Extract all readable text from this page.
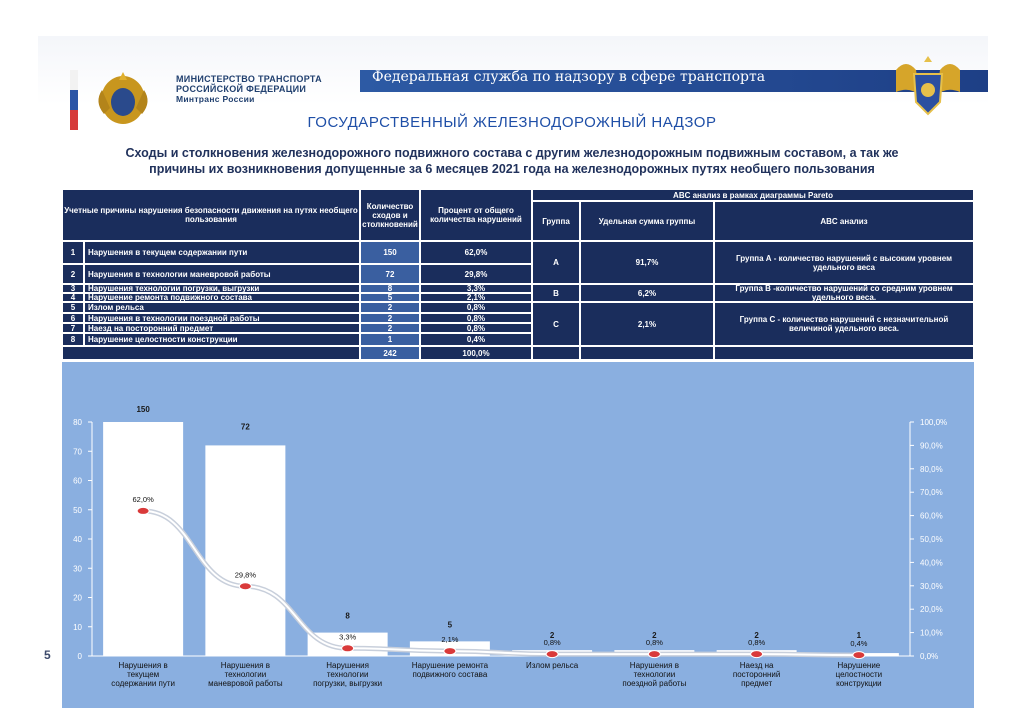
МИНИСТЕРСТВО ТРАНСПОРТА
РОССИЙСКОЙ ФЕДЕРАЦИИ
Минтранс России
Федеральная служба по надзору в сфере транспорта
ГОСУДАРСТВЕННЫЙ ЖЕЛЕЗНОДОРОЖНЫЙ НАДЗОР
Сходы и столкновения железнодорожного подвижного состава с другим железнодорожным подвижным составом, а так же
причины их возникновения допущенные за 6 месяцев 2021 года на железнодорожных путях необщего пользования
Учетные причины нарушения безопасности движения на путях необщего пользования
Количество сходов и столкновений
Процент от общего количества нарушений
ABC анализ в рамках диаграммы Pareto
Группа	Удельная сумма группы	ABC анализ
1	Нарушения в текущем содержании пути	150	62,0%
2	Нарушения в технологии маневровой работы	72	29,8%
3	Нарушения технологии погрузки, выгрузки	8	3,3%
4	Нарушение ремонта подвижного состава	5	2,1%
5	Излом рельса	2	0,8%
6	Нарушения в технологии поездной работы	2	0,8%
7	Наезд на посторонний предмет	2	0,8%
8	Нарушение целостности конструкции	1	0,4%
242	100,0%
A	91,7%	Группа А - количество нарушений с высоким уровнем удельного веса
B	6,2%	Группа В -количество нарушений со средним уровнем удельного веса.
C	2,1%	Группа С - количество нарушений с незначительной величиной удельного веса.
0
10
20
30
40
50
60
70
80
0,0%
10,0%
20,0%
30,0%
40,0%
50,0%
60,0%
70,0%
80,0%
90,0%
100,0%
150
72
8
5
2	2	2	1
62,0%
29,8%
3,3%	2,1%	0,8%	0,8%	0,8%	0,4%
Нарушения в текущем содержании пути
Нарушения в технологии маневровой работы
Нарушения технологии погрузки, выгрузки
Нарушение ремонта подвижного состава
Излом рельса	Нарушения в технологии поездной работы
Наезд на посторонний предмет
Нарушение целостности конструкции
5
